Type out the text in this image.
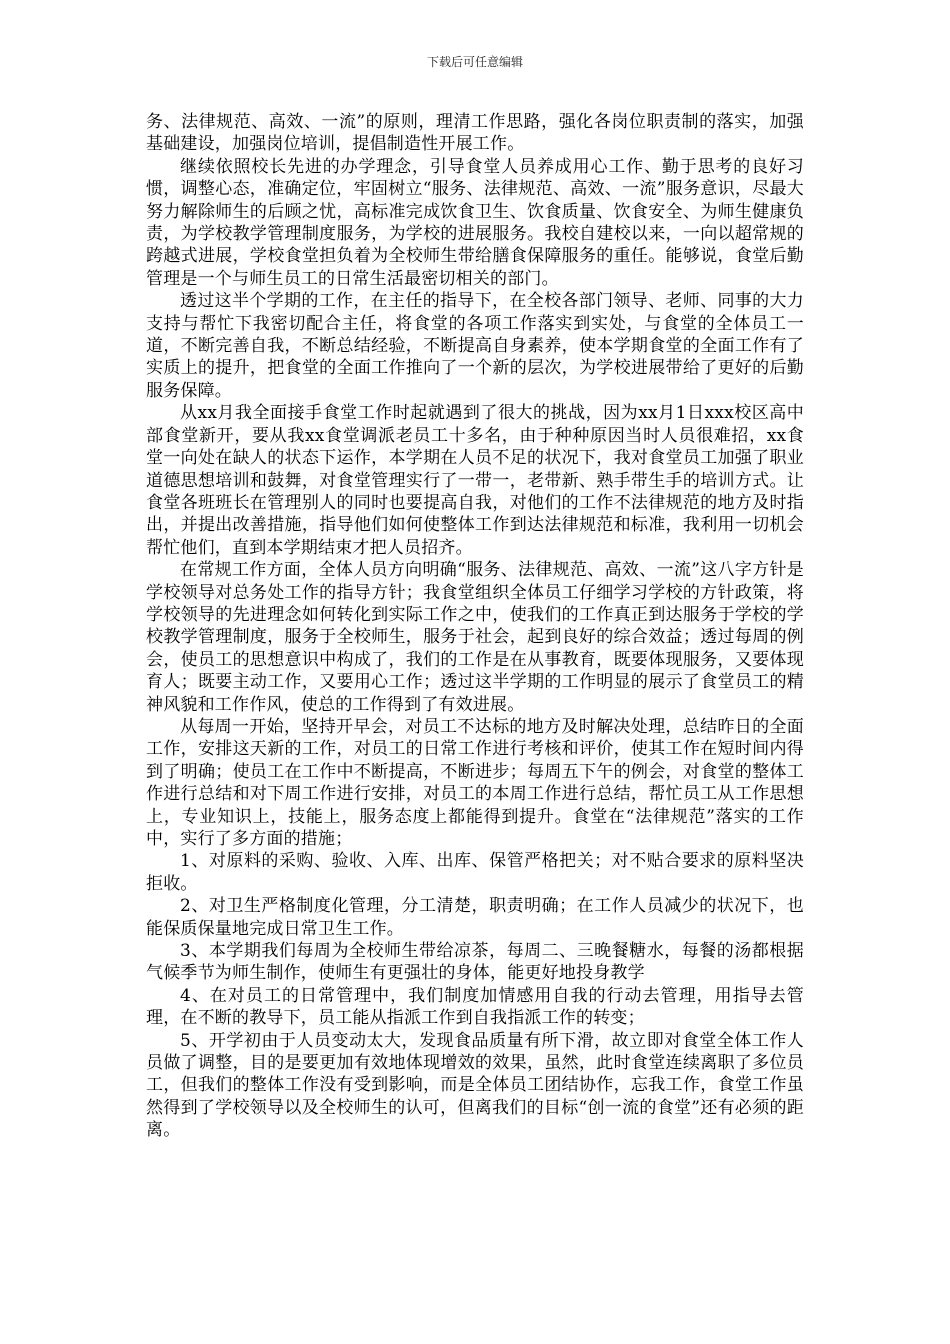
下载后可任意编辑

务、法律规范、高效、一流”的原则，理清工作思路，强化各岗位职责制的落实，加强基础建设，加强岗位培训，提倡制造性开展工作。

继续依照校长先进的办学理念，引导食堂人员养成用心工作、勤于思考的良好习惯，调整心态，准确定位，牢固树立“服务、法律规范、高效、一流”服务意识，尽最大努力解除师生的后顾之忧，高标准完成饮食卫生、饮食质量、饮食安全、为师生健康负责，为学校教学管理制度服务，为学校的进展服务。我校自建校以来，一向以超常规的跨越式进展，学校食堂担负着为全校师生带给膳食保障服务的重任。能够说，食堂后勤管理是一个与师生员工的日常生活最密切相关的部门。

透过这半个学期的工作，在主任的指导下，在全校各部门领导、老师、同事的大力支持与帮忙下我密切配合主任，将食堂的各项工作落实到实处，与食堂的全体员工一道，不断完善自我，不断总结经验，不断提高自身素养，使本学期食堂的全面工作有了实质上的提升，把食堂的全面工作推向了一个新的层次，为学校进展带给了更好的后勤服务保障。

从xx月我全面接手食堂工作时起就遇到了很大的挑战，因为xx月1日xxx校区高中部食堂新开，要从我xx食堂调派老员工十多名，由于种种原因当时人员很难招，xx食堂一向处在缺人的状态下运作，本学期在人员不足的状况下，我对食堂员工加强了职业道德思想培训和鼓舞，对食堂管理实行了一带一，老带新、熟手带生手的培训方式。让食堂各班班长在管理别人的同时也要提高自我，对他们的工作不法律规范的地方及时指出，并提出改善措施，指导他们如何使整体工作到达法律规范和标准，我利用一切机会帮忙他们，直到本学期结束才把人员招齐。

在常规工作方面，全体人员方向明确“服务、法律规范、高效、一流”这八字方针是学校领导对总务处工作的指导方针；我食堂组织全体员工仔细学习学校的方针政策，将学校领导的先进理念如何转化到实际工作之中，使我们的工作真正到达服务于学校的学校教学管理制度，服务于全校师生，服务于社会，起到良好的综合效益；透过每周的例会，使员工的思想意识中构成了，我们的工作是在从事教育，既要体现服务，又要体现育人；既要主动工作，又要用心工作；透过这半学期的工作明显的展示了食堂员工的精神风貌和工作作风，使总的工作得到了有效进展。

从每周一开始，坚持开早会，对员工不达标的地方及时解决处理，总结昨日的全面工作，安排这天新的工作，对员工的日常工作进行考核和评价，使其工作在短时间内得到了明确；使员工在工作中不断提高，不断进步；每周五下午的例会，对食堂的整体工作进行总结和对下周工作进行安排，对员工的本周工作进行总结，帮忙员工从工作思想上，专业知识上，技能上，服务态度上都能得到提升。食堂在“法律规范”落实的工作中，实行了多方面的措施；

1、对原料的采购、验收、入库、出库、保管严格把关；对不贴合要求的原料坚决拒收。

2、对卫生严格制度化管理，分工清楚，职责明确；在工作人员减少的状况下，也能保质保量地完成日常卫生工作。

3、本学期我们每周为全校师生带给凉茶，每周二、三晚餐糖水，每餐的汤都根据气候季节为师生制作，使师生有更强壮的身体，能更好地投身教学

4、在对员工的日常管理中，我们制度加情感用自我的行动去管理，用指导去管理，在不断的教导下，员工能从指派工作到自我指派工作的转变；

5、开学初由于人员变动太大，发现食品质量有所下滑，故立即对食堂全体工作人员做了调整，目的是要更加有效地体现增效的效果，虽然，此时食堂连续离职了多位员工，但我们的整体工作没有受到影响，而是全体员工团结协作，忘我工作，食堂工作虽然得到了学校领导以及全校师生的认可，但离我们的目标“创一流的食堂”还有必须的距离。
